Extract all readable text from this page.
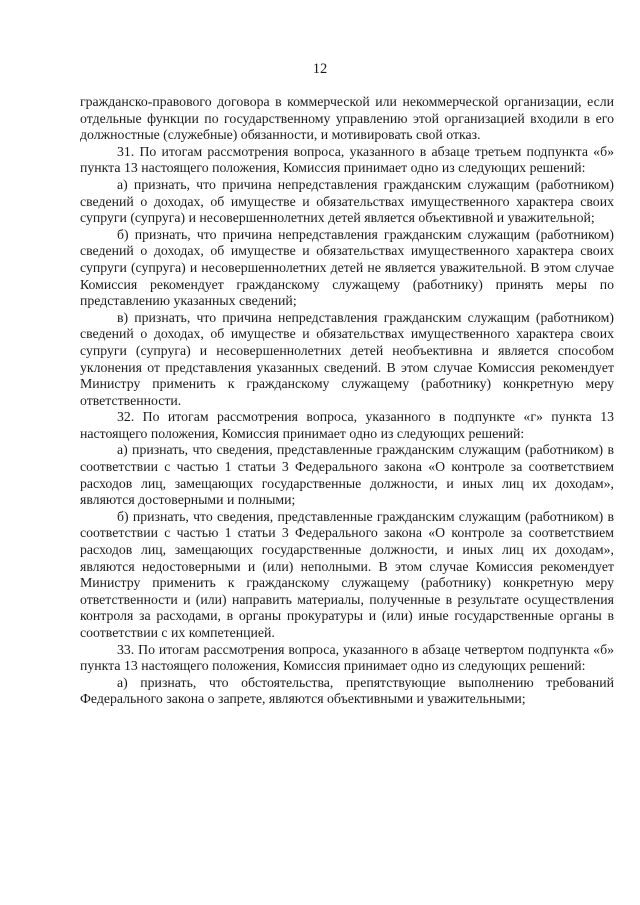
12

гражданско-правового договора в коммерческой или некоммерческой организации, если отдельные функции по государственному управлению этой организацией входили в его должностные (служебные) обязанности, и мотивировать свой отказ.

31. По итогам рассмотрения вопроса, указанного в абзаце третьем подпункта «б» пункта 13 настоящего положения, Комиссия принимает одно из следующих решений:

а) признать, что причина непредставления гражданским служащим (работником) сведений о доходах, об имуществе и обязательствах имущественного характера своих супруги (супруга) и несовершеннолетних детей является объективной и уважительной;

б) признать, что причина непредставления гражданским служащим (работником) сведений о доходах, об имуществе и обязательствах имущественного характера своих супруги (супруга) и несовершеннолетних детей не является уважительной. В этом случае Комиссия рекомендует гражданскому служащему (работнику) принять меры по представлению указанных сведений;

в) признать, что причина непредставления гражданским служащим (работником) сведений о доходах, об имуществе и обязательствах имущественного характера своих супруги (супруга) и несовершеннолетних детей необъективна и является способом уклонения от представления указанных сведений. В этом случае Комиссия рекомендует Министру применить к гражданскому служащему (работнику) конкретную меру ответственности.

32. По итогам рассмотрения вопроса, указанного в подпункте «г» пункта 13 настоящего положения, Комиссия принимает одно из следующих решений:

а) признать, что сведения, представленные гражданским служащим (работником) в соответствии с частью 1 статьи 3 Федерального закона «О контроле за соответствием расходов лиц, замещающих государственные должности, и иных лиц их доходам», являются достоверными и полными;

б) признать, что сведения, представленные гражданским служащим (работником) в соответствии с частью 1 статьи 3 Федерального закона «О контроле за соответствием расходов лиц, замещающих государственные должности, и иных лиц их доходам», являются недостоверными и (или) неполными. В этом случае Комиссия рекомендует Министру применить к гражданскому служащему (работнику) конкретную меру ответственности и (или) направить материалы, полученные в результате осуществления контроля за расходами, в органы прокуратуры и (или) иные государственные органы в соответствии с их компетенцией.

33. По итогам рассмотрения вопроса, указанного в абзаце четвертом подпункта «б» пункта 13 настоящего положения, Комиссия принимает одно из следующих решений:

а) признать, что обстоятельства, препятствующие выполнению требований Федерального закона о запрете, являются объективными и уважительными;
